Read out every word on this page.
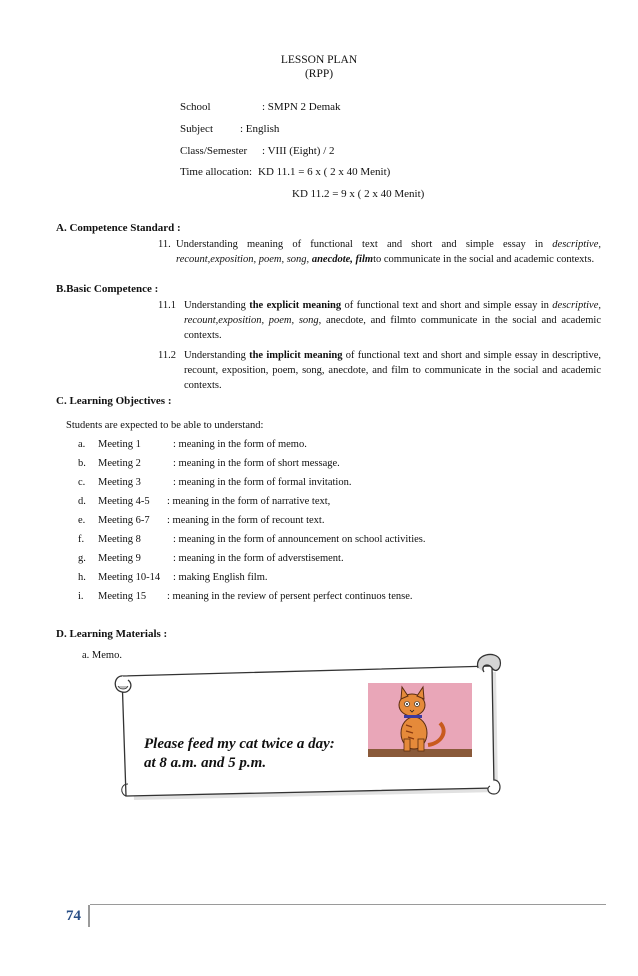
LESSON PLAN
(RPP)
School	: SMPN 2 Demak
Subject : English
Class/Semester : VIII (Eight) / 2
Time allocation: KD 11.1 = 6 x ( 2 x 40 Menit)
KD 11.2 = 9 x ( 2 x 40 Menit)
A. Competence Standard :
11. Understanding meaning of functional text and short and simple essay in descriptive, recount,exposition, poem, song, anecdote, filmto communicate in the social and academic contexts.
B.Basic Competence :
11.1 Understanding the explicit meaning of functional text and short and simple essay in descriptive, recount,exposition, poem, song, anecdote, and filmto communicate in the social and academic contexts.
11.2 Understanding the implicit meaning of functional text and short and simple essay in descriptive, recount, exposition, poem, song, anecdote, and film to communicate in the social and academic contexts.
C. Learning Objectives :
Students are expected to be able to understand:
a. Meeting 1	: meaning in the form of memo.
b. Meeting 2	: meaning in the form of short message.
c. Meeting 3	: meaning in the form of formal invitation.
d. Meeting 4-5 : meaning in the form of narrative text,
e. Meeting 6-7 : meaning in the form of recount text.
f. Meeting 8	: meaning in the form of announcement on school activities.
g. Meeting 9	: meaning in the form of adverstisement.
h. Meeting 10-14 : making English film.
i. Meeting 15 : meaning in the review of persent perfect continuos tense.
D. Learning Materials :
a. Memo.
Please feed my cat twice a day:
at 8 a.m. and 5 p.m.
74
